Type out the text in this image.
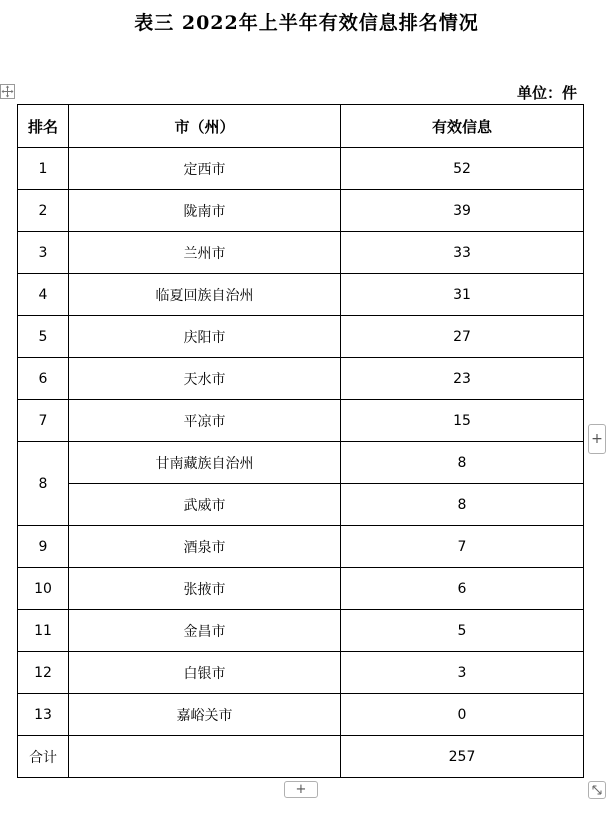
表三 2022年上半年有效信息排名情况
单位：件
排名	市（州）	有效信息
1	定西市	52
2	陇南市	39
3	兰州市	33
4	临夏回族自治州	31
5	庆阳市	27
6	天水市	23
7	平凉市	15
8	甘南藏族自治州	8
	武威市	8
9	酒泉市	7
10	张掖市	6
11	金昌市	5
12	白银市	3
13	嘉峪关市	0
合计		257
+
+
